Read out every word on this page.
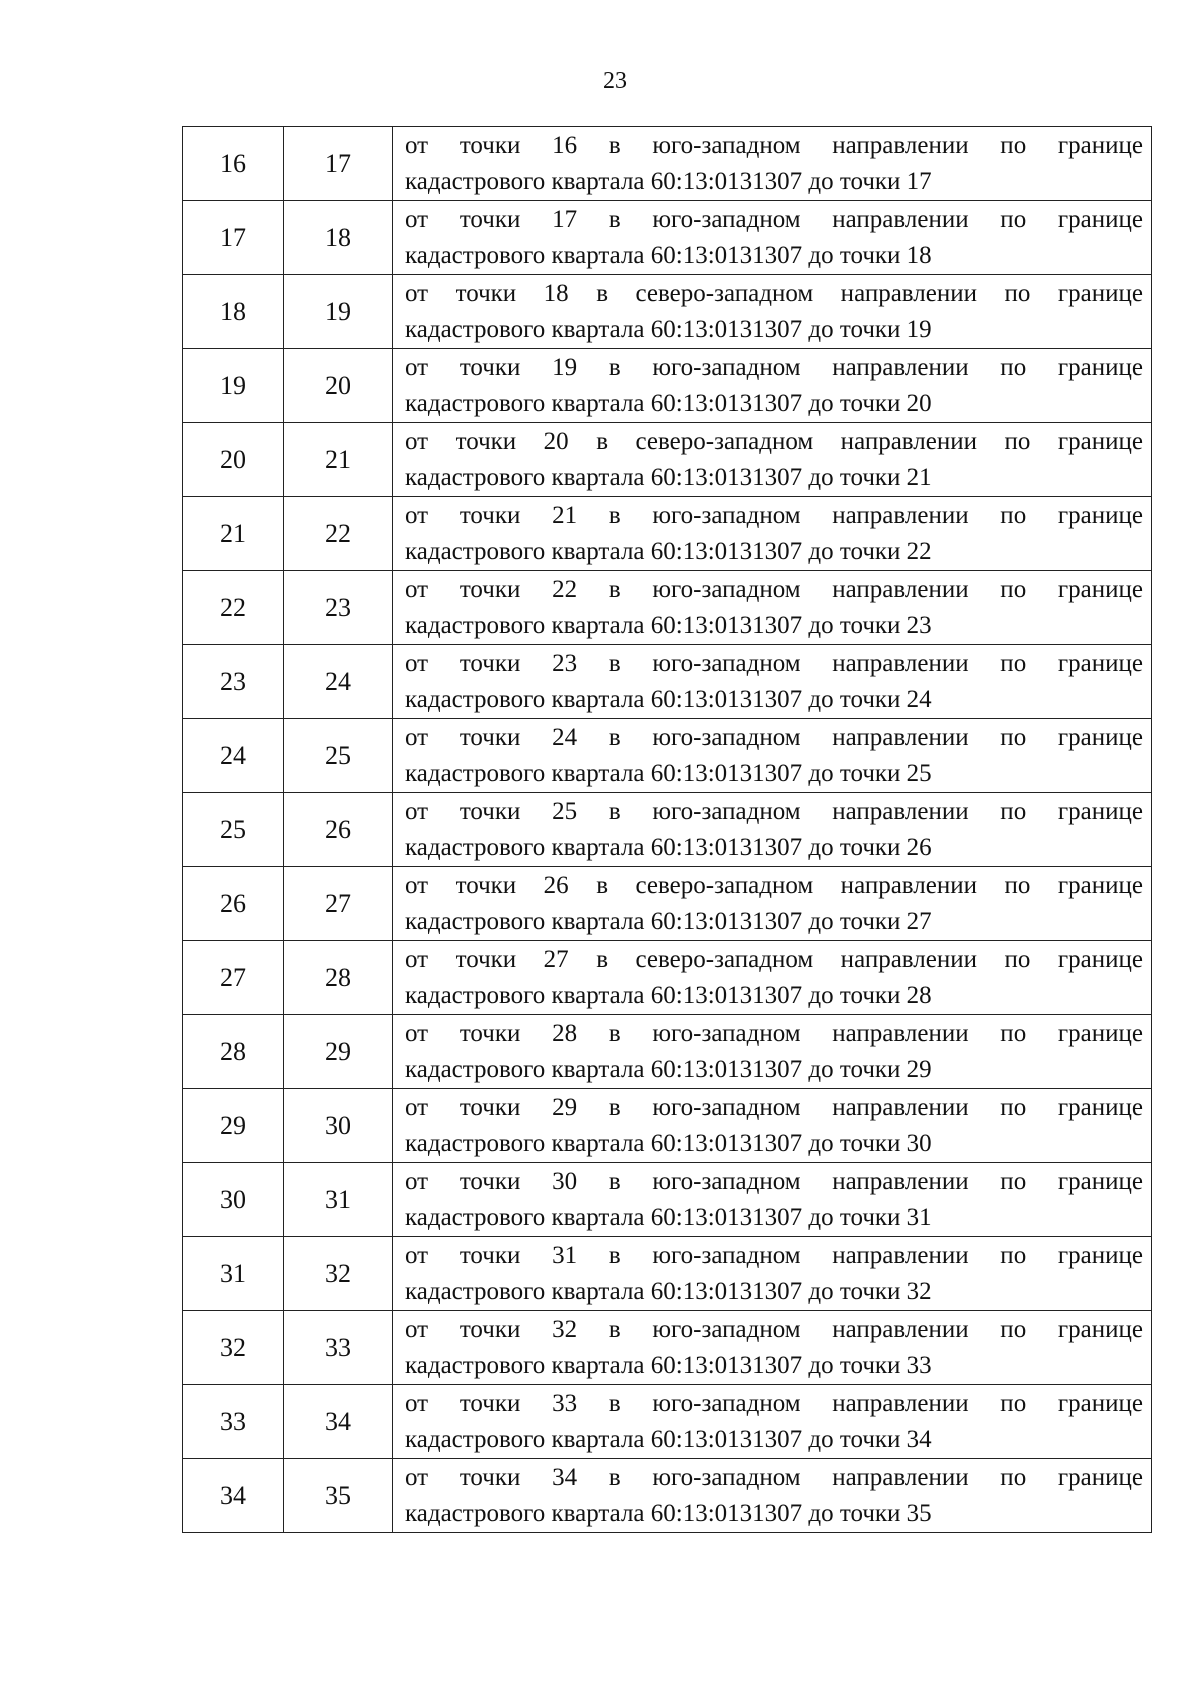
23
16	17	от точки 16 в юго-западном направлении по границе
кадастрового квартала 60:13:0131307 до точки 17

17	18	от точки 17 в юго-западном направлении по границе
кадастрового квартала 60:13:0131307 до точки 18

18	19	от точки 18 в северо-западном направлении по границе
кадастрового квартала 60:13:0131307 до точки 19

19	20	от точки 19 в юго-западном направлении по границе
кадастрового квартала 60:13:0131307 до точки 20

20	21	от точки 20 в северо-западном направлении по границе
кадастрового квартала 60:13:0131307 до точки 21

21	22	от точки 21 в юго-западном направлении по границе
кадастрового квартала 60:13:0131307 до точки 22

22	23	от точки 22 в юго-западном направлении по границе
кадастрового квартала 60:13:0131307 до точки 23

23	24	от точки 23 в юго-западном направлении по границе
кадастрового квартала 60:13:0131307 до точки 24

24	25	от точки 24 в юго-западном направлении по границе
кадастрового квартала 60:13:0131307 до точки 25

25	26	от точки 25 в юго-западном направлении по границе
кадастрового квартала 60:13:0131307 до точки 26

26	27	от точки 26 в северо-западном направлении по границе
кадастрового квартала 60:13:0131307 до точки 27

27	28	от точки 27 в северо-западном направлении по границе
кадастрового квартала 60:13:0131307 до точки 28

28	29	от точки 28 в юго-западном направлении по границе
кадастрового квартала 60:13:0131307 до точки 29

29	30	от точки 29 в юго-западном направлении по границе
кадастрового квартала 60:13:0131307 до точки 30

30	31	от точки 30 в юго-западном направлении по границе
кадастрового квартала 60:13:0131307 до точки 31

31	32	от точки 31 в юго-западном направлении по границе
кадастрового квартала 60:13:0131307 до точки 32

32	33	от точки 32 в юго-западном направлении по границе
кадастрового квартала 60:13:0131307 до точки 33

33	34	от точки 33 в юго-западном направлении по границе
кадастрового квартала 60:13:0131307 до точки 34

34	35	от точки 34 в юго-западном направлении по границе
кадастрового квартала 60:13:0131307 до точки 35
